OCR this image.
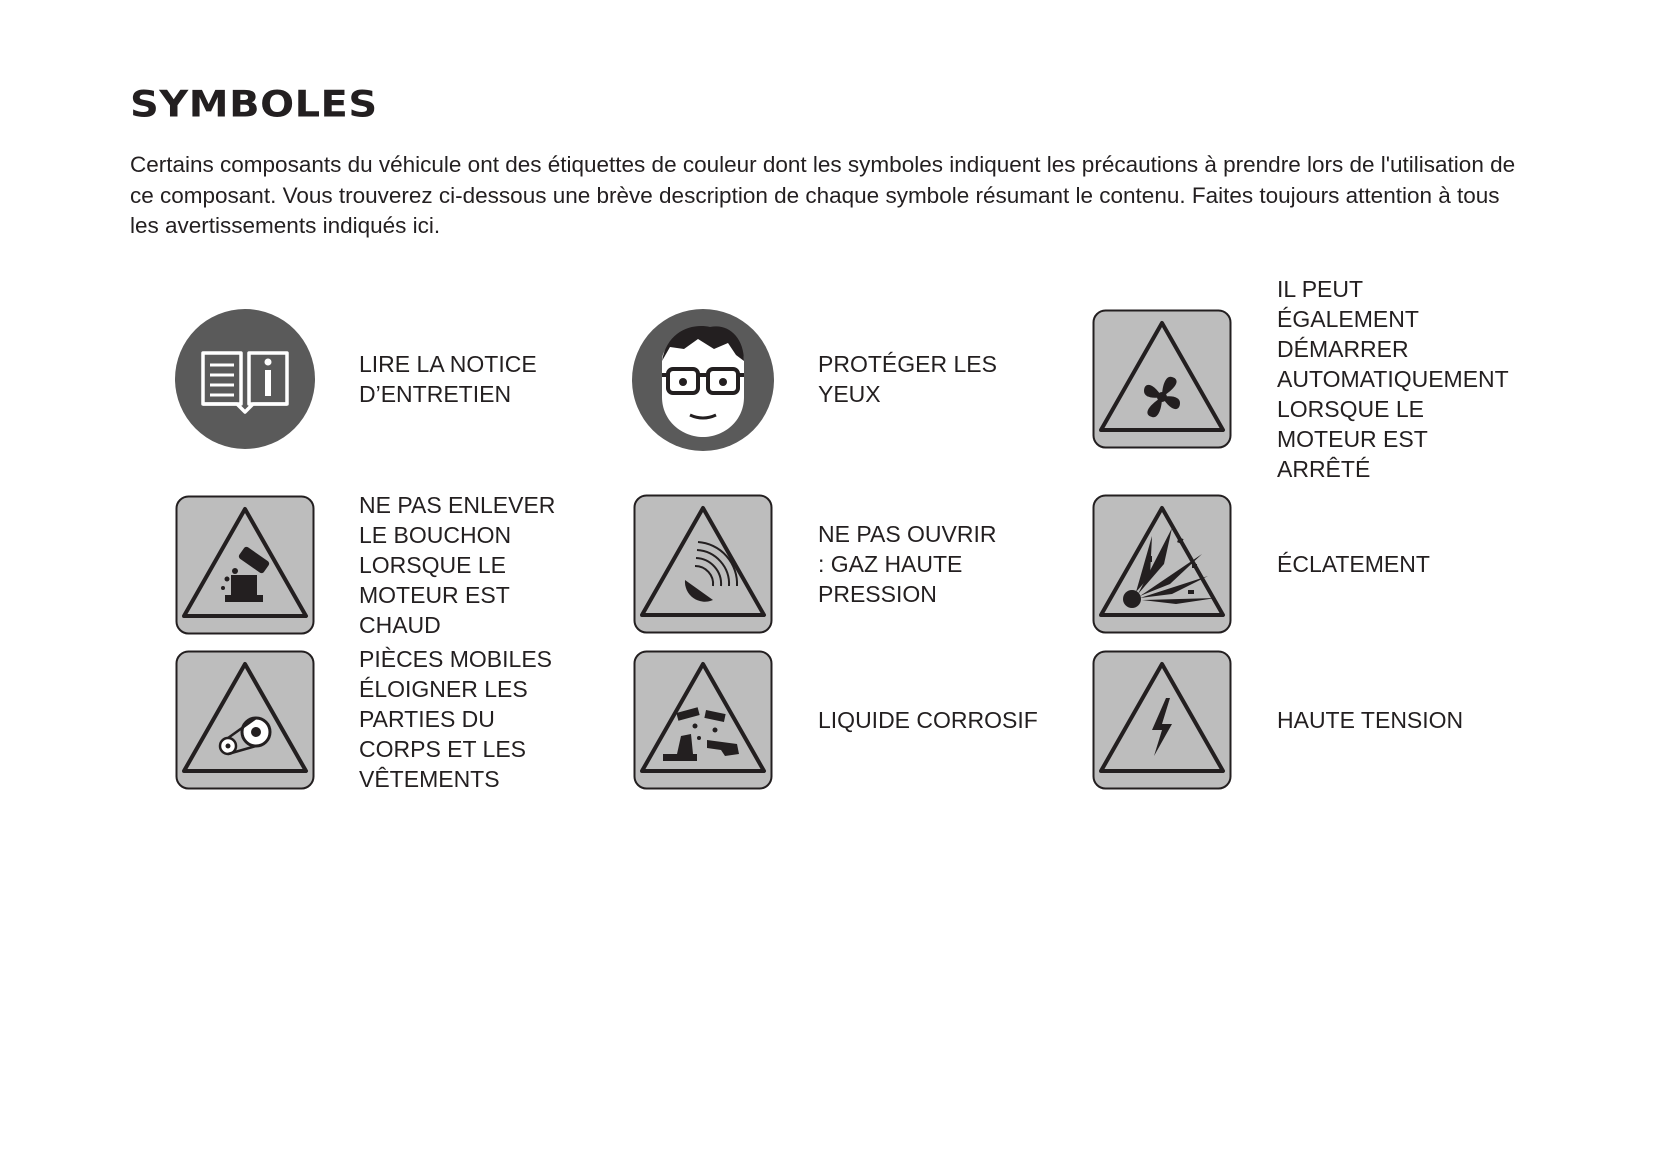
SYMBOLES

Certains composants du véhicule ont des étiquettes de couleur dont les symboles indiquent les précautions à prendre lors de l'utilisation de ce composant. Vous trouverez ci-dessous une brève description de chaque symbole résumant le contenu. Faites toujours attention à tous les avertissements indiqués ici.

LIRE LA NOTICE
D’ENTRETIEN
PROTÉGER LES
YEUX
IL PEUT
ÉGALEMENT
DÉMARRER
AUTOMATIQUEMENT
LORSQUE LE
MOTEUR EST
ARRÊTÉ
NE PAS ENLEVER
LE BOUCHON
LORSQUE LE
MOTEUR EST
CHAUD
NE PAS OUVRIR
: GAZ HAUTE
PRESSION
ÉCLATEMENT
PIÈCES MOBILES
ÉLOIGNER LES
PARTIES DU
CORPS ET LES
VÊTEMENTS
LIQUIDE CORROSIF	HAUTE TENSION
